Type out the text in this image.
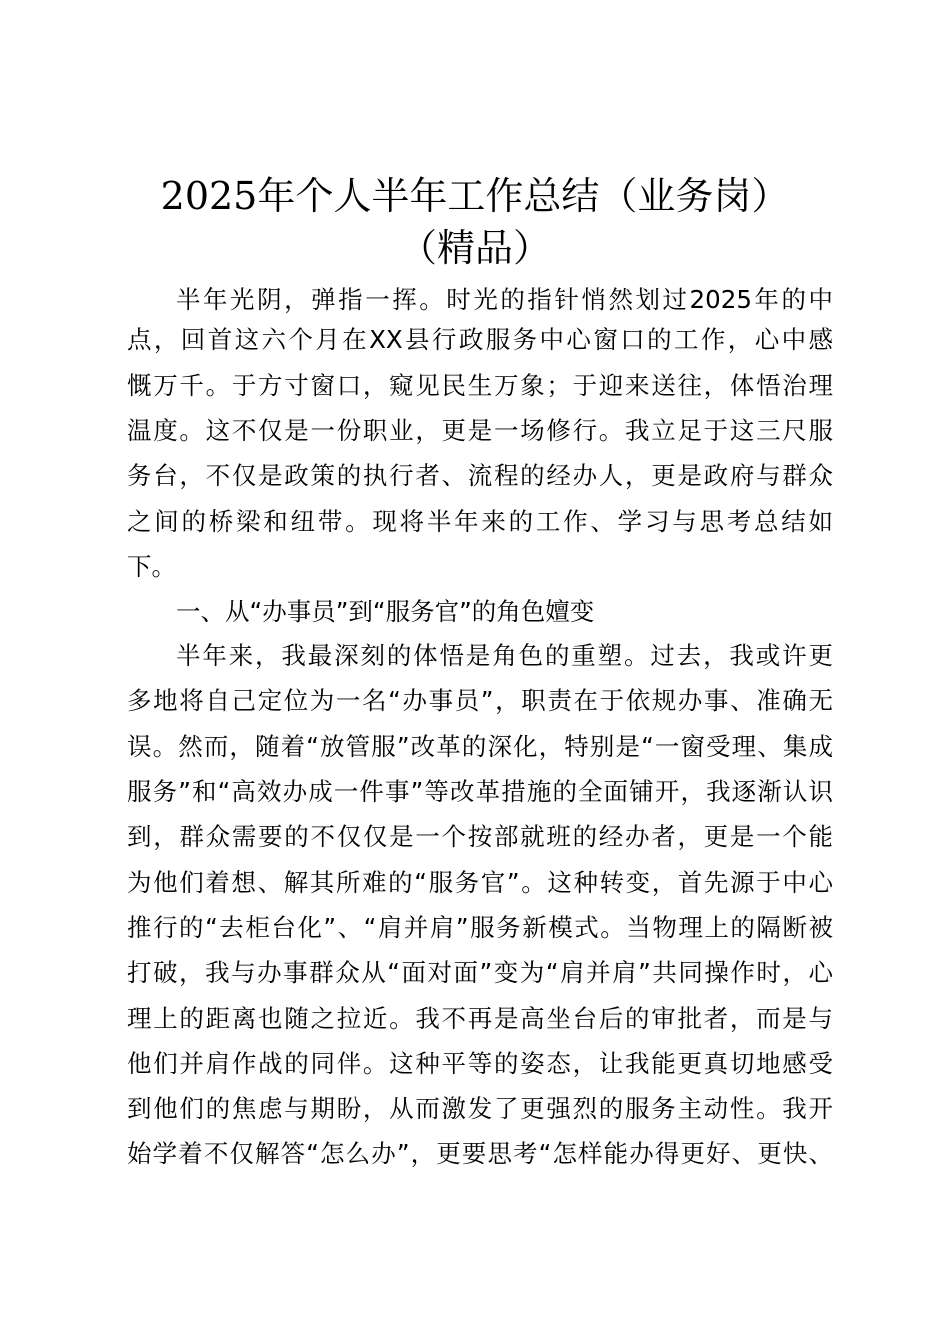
2025年个人半年工作总结（业务岗）
（精品）
半年光阴，弹指一挥。时光的指针悄然划过2025年的中
点，回首这六个月在XX县行政服务中心窗口的工作，心中感
慨万千。于方寸窗口，窥见民生万象；于迎来送往，体悟治理
温度。这不仅是一份职业，更是一场修行。我立足于这三尺服
务台，不仅是政策的执行者、流程的经办人，更是政府与群众
之间的桥梁和纽带。现将半年来的工作、学习与思考总结如
下。
一、从“办事员”到“服务官”的角色嬗变
半年来，我最深刻的体悟是角色的重塑。过去，我或许更
多地将自己定位为一名“办事员”，职责在于依规办事、准确无
误。然而，随着“放管服”改革的深化，特别是“一窗受理、集成
服务”和“高效办成一件事”等改革措施的全面铺开，我逐渐认识
到，群众需要的不仅仅是一个按部就班的经办者，更是一个能
为他们着想、解其所难的“服务官”。这种转变，首先源于中心
推行的“去柜台化”、“肩并肩”服务新模式。当物理上的隔断被
打破，我与办事群众从“面对面”变为“肩并肩”共同操作时，心
理上的距离也随之拉近。我不再是高坐台后的审批者，而是与
他们并肩作战的同伴。这种平等的姿态，让我能更真切地感受
到他们的焦虑与期盼，从而激发了更强烈的服务主动性。我开
始学着不仅解答“怎么办”，更要思考“怎样能办得更好、更快、
